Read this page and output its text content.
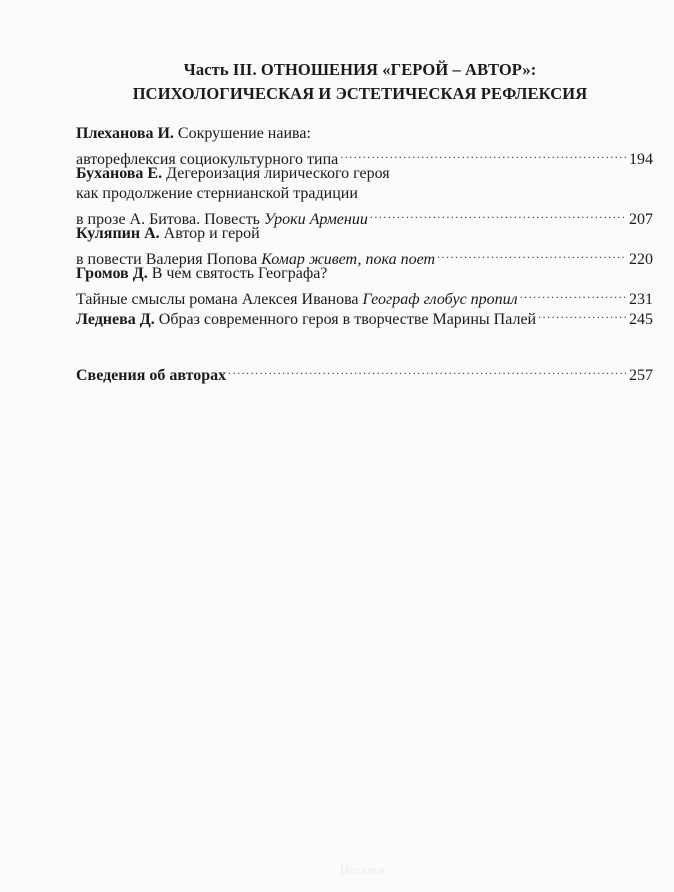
Наталья · · · · · · · ·
Часть III. ОТНОШЕНИЯ «ГЕРОЙ – АВТОР»:
ПСИХОЛОГИЧЕСКАЯ И ЭСТЕТИЧЕСКАЯ РЕФЛЕКСИЯ
Плеханова И.
Сокрушение наива:
авторефлексия социокультурного типа .....	194
Буханова Е.
Дегероизация лирического героя
как продолжение стернианской традиции
в прозе А. Битова. Повесть
Уроки Армении .....	207
Куляпин А.
Автор и герой
в повести Валерия Попова
Комар живет, пока поет .....	220
Громов Д.
В чем святость Географа?
Тайные смыслы романа Алексея Иванова
Географ глобус пропил .....	231
Леднева Д.
Образ современного героя в творчестве Марины Палей .....	245
Сведения об авторах .....	257
